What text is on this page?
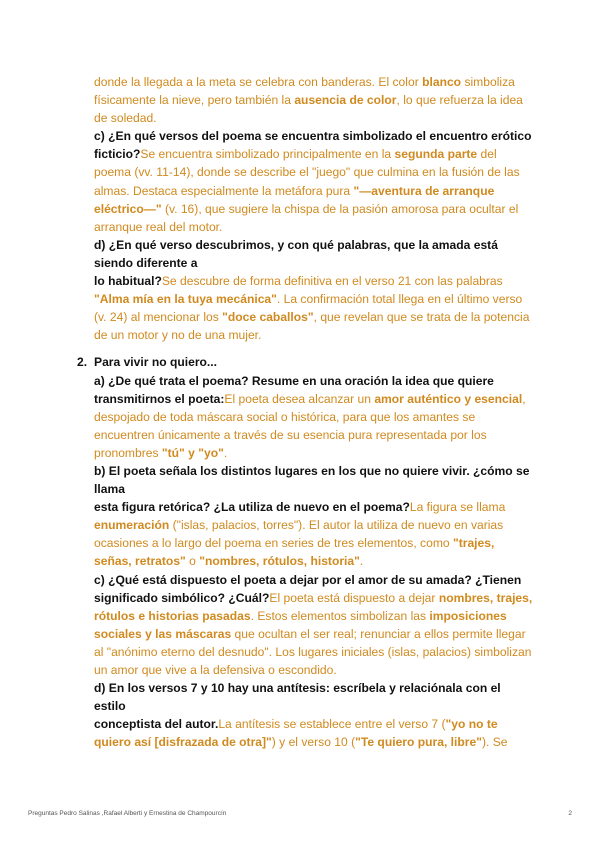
donde la llegada a la meta se celebra con banderas. El color blanco simboliza físicamente la nieve, pero también la ausencia de color, lo que refuerza la idea de soledad.

c) ¿En qué versos del poema se encuentra simbolizado el encuentro erótico
ficticio?Se encuentra simbolizado principalmente en la segunda parte del poema (vv. 11-14), donde se describe el "juego" que culmina en la fusión de las almas. Destaca especialmente la metáfora pura "—aventura de arranque eléctrico—" (v. 16), que sugiere la chispa de la pasión amorosa para ocultar el arranque real del motor.

d) ¿En qué verso descubrimos, y con qué palabras, que la amada está siendo diferente a
lo habitual?Se descubre de forma definitiva en el verso 21 con las palabras "Alma mía en la tuya mecánica". La confirmación total llega en el último verso (v. 24) al mencionar los "doce caballos", que revelan que se trata de la potencia de un motor y no de una mujer.

2. Para vivir no quiero...

a) ¿De qué trata el poema? Resume en una oración la idea que quiere transmitirnos el poeta:El poeta desea alcanzar un amor auténtico y esencial, despojado de toda máscara social o histórica, para que los amantes se encuentren únicamente a través de su esencia pura representada por los pronombres "tú" y "yo".

b) El poeta señala los distintos lugares en los que no quiere vivir. ¿cómo se llama
esta figura retórica? ¿La utiliza de nuevo en el poema?La figura se llama enumeración ("islas, palacios, torres"). El autor la utiliza de nuevo en varias ocasiones a lo largo del poema en series de tres elementos, como "trajes, señas, retratos" o "nombres, rótulos, historia".

c) ¿Qué está dispuesto el poeta a dejar por el amor de su amada? ¿Tienen significado simbólico? ¿Cuál?El poeta está dispuesto a dejar nombres, trajes, rótulos e historias pasadas. Estos elementos simbolizan las imposiciones sociales y las máscaras que ocultan el ser real; renunciar a ellos permite llegar al "anónimo eterno del desnudo". Los lugares iniciales (islas, palacios) simbolizan un amor que vive a la defensiva o escondido.

d) En los versos 7 y 10 hay una antítesis: escríbela y relaciónala con el estilo
conceptista del autor.La antítesis se establece entre el verso 7 ("yo no te quiero así [disfrazada de otra]") y el verso 10 ("Te quiero pura, libre"). Se

Preguntas Pedro Salinas ,Rafael Alberti y Ernestina de Champourcín	2
